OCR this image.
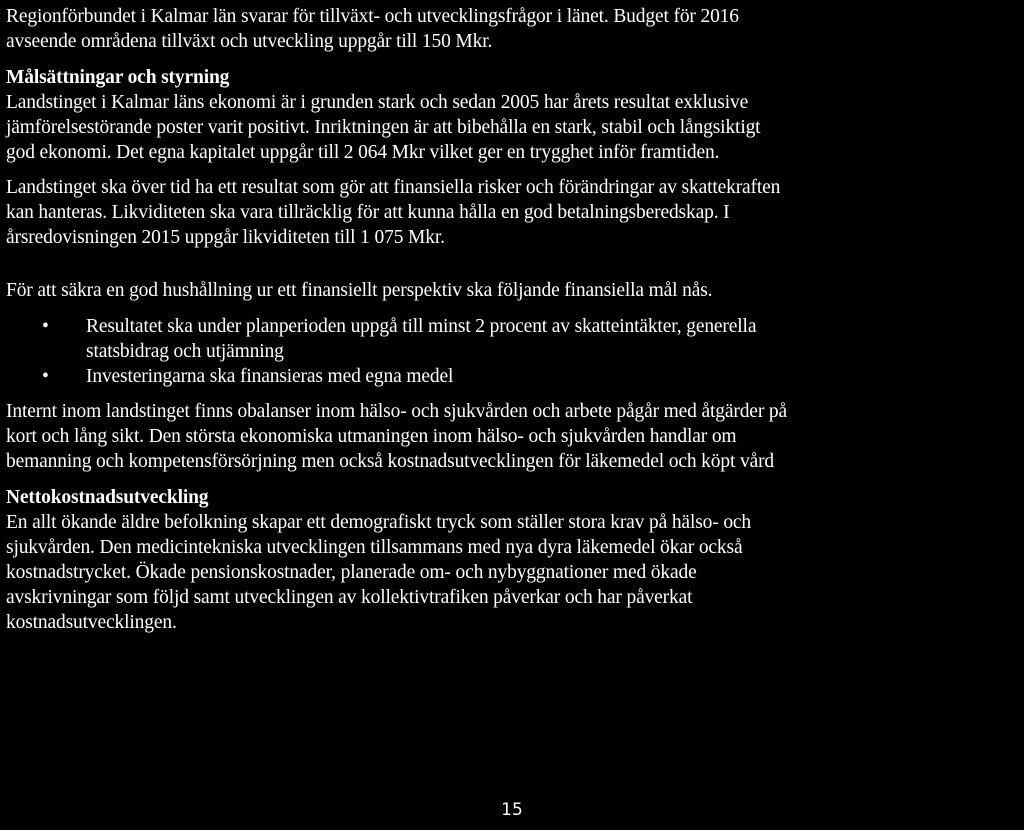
Regionförbundet i Kalmar län svarar för tillväxt- och utvecklingsfrågor i länet. Budget för 2016
avseende områdena tillväxt och utveckling uppgår till 150 Mkr.

Målsättningar och styrning

Landstinget i Kalmar läns ekonomi är i grunden stark och sedan 2005 har årets resultat exklusive
jämförelsestörande poster varit positivt. Inriktningen är att bibehålla en stark, stabil och långsiktigt
god ekonomi. Det egna kapitalet uppgår till 2 064 Mkr vilket ger en trygghet inför framtiden.

Landstinget ska över tid ha ett resultat som gör att finansiella risker och förändringar av skattekraften
kan hanteras. Likviditeten ska vara tillräcklig för att kunna hålla en god betalningsberedskap. I
årsredovisningen 2015 uppgår likviditeten till 1 075 Mkr.

För att säkra en god hushållning ur ett finansiellt perspektiv ska följande finansiella mål nås.

• Resultatet ska under planperioden uppgå till minst 2 procent av skatteintäkter, generella
statsbidrag och utjämning
• Investeringarna ska finansieras med egna medel

Internt inom landstinget finns obalanser inom hälso- och sjukvården och arbete pågår med åtgärder på
kort och lång sikt. Den största ekonomiska utmaningen inom hälso- och sjukvården handlar om
bemanning och kompetensförsörjning men också kostnadsutvecklingen för läkemedel och köpt vård

Nettokostnadsutveckling

En allt ökande äldre befolkning skapar ett demografiskt tryck som ställer stora krav på hälso- och
sjukvården. Den medicintekniska utvecklingen tillsammans med nya dyra läkemedel ökar också
kostnadstrycket. Ökade pensionskostnader, planerade om- och nybyggnationer med ökade
avskrivningar som följd samt utvecklingen av kollektivtrafiken påverkar och har påverkat
kostnadsutvecklingen.

15
